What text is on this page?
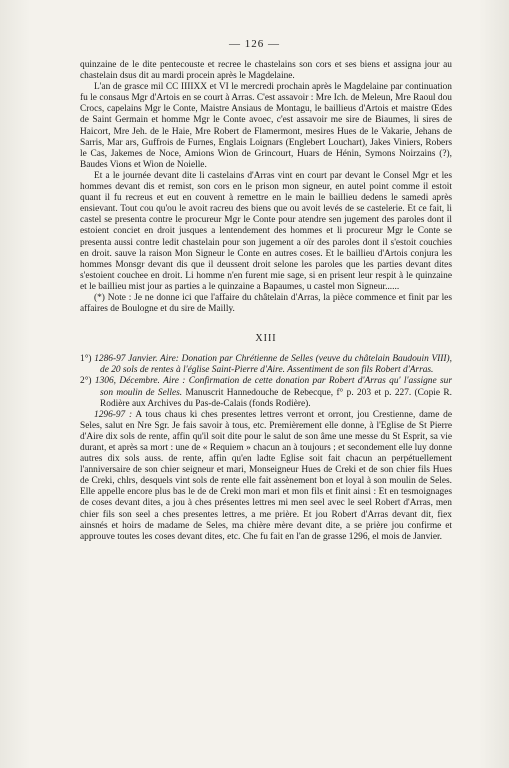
— 126 —

quinzaine de le dite pentecouste et recree le chastelains son cors et ses biens et assigna jour au chastelain dsus dit au mardi procein après le Magdelaine.

L'an de grasce mil CC IIIIXX et VI le mercredi prochain après le Magdelaine par continuation fu le consaus Mgr d'Artois en se court à Arras. C'est assavoir : Mre Ich. de Meleun, Mre Raoul dou Crocs, capelains Mgr le Conte, Maistre Ansiaus de Montagu, le baillieus d'Artois et maistre Œdes de Saint Germain et homme Mgr le Conte avoec, c'est assavoir me sire de Biaumes, li sires de Haicort, Mre Jeh. de le Haie, Mre Robert de Flamermont, mesires Hues de le Vakarie, Jehans de Sarris, Mar ars, Guffrois de Furnes, Englais Loignars (Englebert Louchart), Jakes Viniers, Robers le Cas, Jakemes de Noce, Amions Wion de Grincourt, Huars de Hénin, Symons Noirzains (?), Baudes Vions et Wion de Noielle.

Et a le journée devant dite li castelains d'Arras vint en court par devant le Consel Mgr et les hommes devant dis et remist, son cors en le prison mon signeur, en autel point comme il estoit quant il fu recreus et eut en couvent à remettre en le main le baillieu dedens le samedi après ensievant. Tout cou qu'ou le avoit racreu des biens que ou avoit levés de se castelerie. Et ce fait, li castel se presenta contre le procureur Mgr le Conte pour atendre sen jugement des paroles dont il estoient conciet en droit jusques a lentendement des hommes et li procureur Mgr le Conte se presenta aussi contre ledit chastelain pour son jugement a oïr des paroles dont il s'estoit couchies en droit. sauve la raison Mon Signeur le Conte en autres coses. Et le baillieu d'Artois conjura les hommes Monsgr devant dis que il deussent droit selone les paroles que les parties devant dites s'estoient couchee en droit. Li homme n'en furent mie sage, si en prisent leur respit à le quinzaine et le baillieu mist jour as parties a le quinzaine a Bapaumes, u castel mon Signeur......

(*) Note : Je ne donne ici que l'affaire du châtelain d'Arras, la pièce commence et finit par les affaires de Boulogne et du sire de Mailly.

XIII

1°) 1286-97 Janvier. Aire: Donation par Chrétienne de Selles (veuve du châtelain Baudouin VIII), de 20 sols de rentes à l'église Saint-Pierre d'Aire. Assentiment de son fils Robert d'Arras.

2°) 1306, Décembre. Aire : Confirmation de cette donation par Robert d'Arras qu' l'assigne sur son moulin de Selles. Manuscrit Hannedouche de Rebecque, f° p. 203 et p. 227. (Copie R. Rodière aux Archives du Pas-de-Calais (fonds Rodière).

1296-97 : A tous chaus ki ches presentes lettres verront et orront, jou Crestienne, dame de Seles, salut en Nre Sgr. Je fais savoir à tous, etc. Premièrement elle donne, à l'Eglise de St Pierre d'Aire dix sols de rente, affin qu'il soit dite pour le salut de son âme une messe du St Esprit, sa vie durant, et après sa mort : une de « Requiem » chacun an à toujours ; et secondement elle luy donne autres dix sols auss. de rente, affin qu'en ladte Eglise soit fait chacun an perpétuellement l'anniversaire de son chier seigneur et mari, Monseigneur Hues de Creki et de son chier fils Hues de Creki, chlrs, desquels vint sols de rente elle fait assènement bon et loyal à son moulin de Seles. Elle appelle encore plus bas le de de Creki mon mari et mon fils et finit ainsi : Et en tesmoignages de coses devant dites, a jou à ches présentes lettres mi men seel avec le seel Robert d'Arras, men chier fils son seel a ches presentes lettres, a me prière. Et jou Robert d'Arras devant dit, fiex ainsnés et hoirs de madame de Seles, ma chière mère devant dite, a se prière jou confirme et approuve toutes les coses devant dites, etc. Che fu fait en l'an de grasse 1296, el mois de Janvier.
